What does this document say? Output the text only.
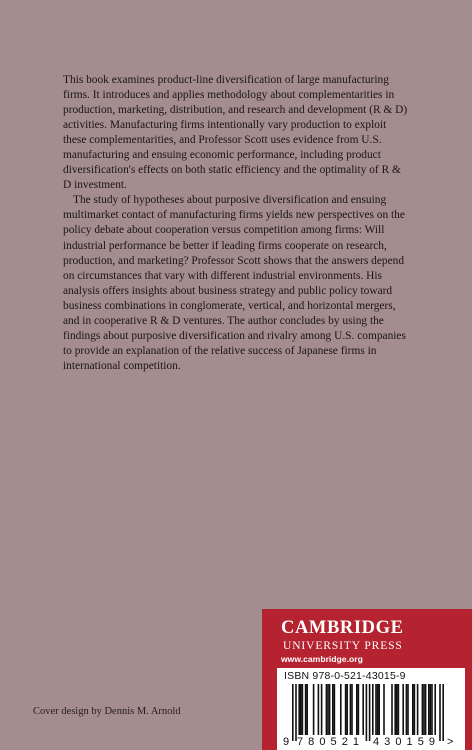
This book examines product-line diversification of large manufacturing firms. It introduces and applies methodology about complementarities in production, marketing, distribution, and research and development (R & D) activities. Manufacturing firms intentionally vary production to exploit these complementarities, and Professor Scott uses evidence from U.S. manufacturing and ensuing economic performance, including product diversification's effects on both static efficiency and the optimality of R & D investment.

The study of hypotheses about purposive diversification and ensuing multimarket contact of manufacturing firms yields new perspectives on the policy debate about cooperation versus competition among firms: Will industrial performance be better if leading firms cooperate on research, production, and marketing? Professor Scott shows that the answers depend on circumstances that vary with different industrial environments. His analysis offers insights about business strategy and public policy toward business combinations in conglomerate, vertical, and horizontal mergers, and in cooperative R & D ventures. The author concludes by using the findings about purposive diversification and rivalry among U.S. companies to provide an explanation of the relative success of Japanese firms in international competition.

Cover design by Dennis M. Arnold
CAMBRIDGE
UNIVERSITY PRESS
www.cambridge.org
ISBN 978-0-521-43015-9
9 780521 430159 >
